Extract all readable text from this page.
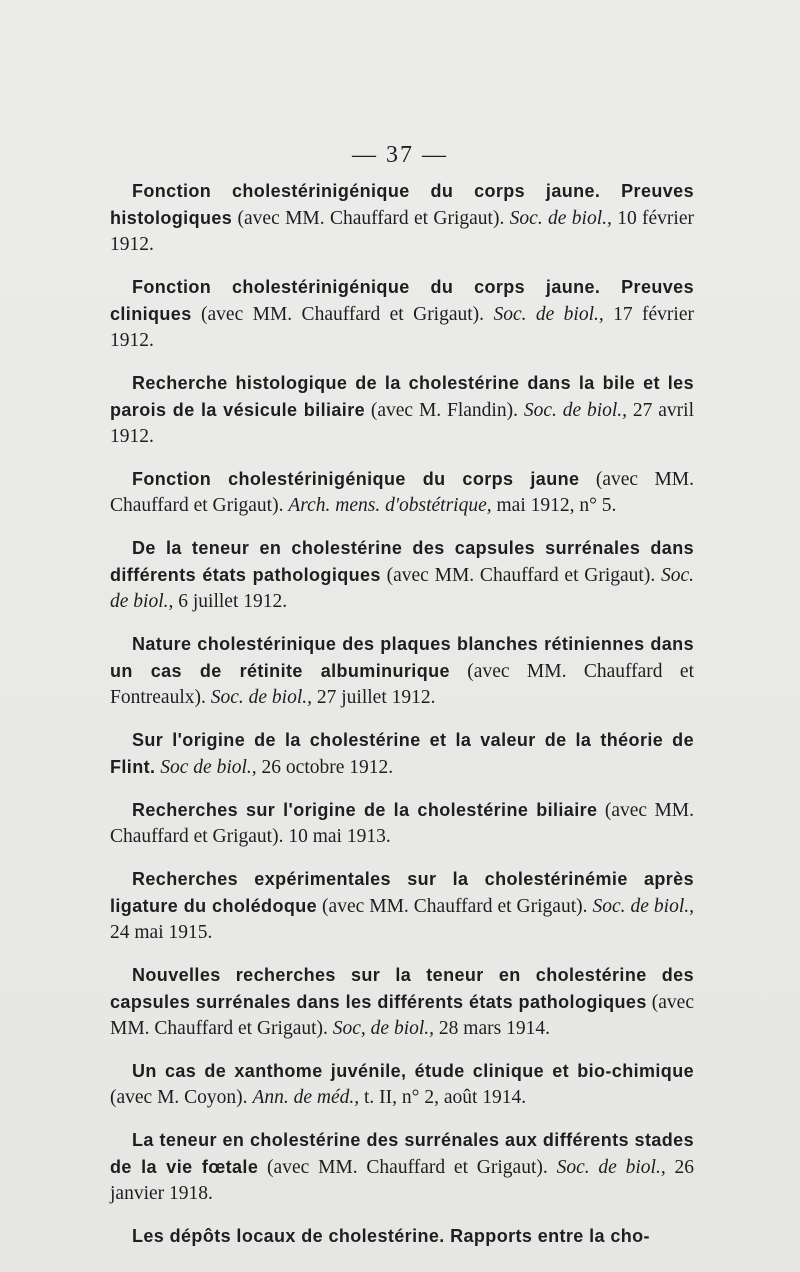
— 37 —

Fonction cholestérinigénique du corps jaune. Preuves histologiques (avec MM. Chauffard et Grigaut). Soc. de biol., 10 février 1912.

Fonction cholestérinigénique du corps jaune. Preuves cliniques (avec MM. Chauffard et Grigaut). Soc. de biol., 17 février 1912.

Recherche histologique de la cholestérine dans la bile et les parois de la vésicule biliaire (avec M. Flandin). Soc. de biol., 27 avril 1912.

Fonction cholestérinigénique du corps jaune (avec MM. Chauffard et Grigaut). Arch. mens. d'obstétrique, mai 1912, n° 5.

De la teneur en cholestérine des capsules surrénales dans différents états pathologiques (avec MM. Chauffard et Grigaut). Soc. de biol., 6 juillet 1912.

Nature cholestérinique des plaques blanches rétiniennes dans un cas de rétinite albuminurique (avec MM. Chauffard et Fontreaulx). Soc. de biol., 27 juillet 1912.

Sur l'origine de la cholestérine et la valeur de la théorie de Flint. Soc de biol., 26 octobre 1912.

Recherches sur l'origine de la cholestérine biliaire (avec MM. Chauffard et Grigaut). 10 mai 1913.

Recherches expérimentales sur la cholestérinémie après ligature du cholédoque (avec MM. Chauffard et Grigaut). Soc. de biol., 24 mai 1915.

Nouvelles recherches sur la teneur en cholestérine des capsules surrénales dans les différents états pathologiques (avec MM. Chauffard et Grigaut). Soc, de biol., 28 mars 1914.

Un cas de xanthome juvénile, étude clinique et bio-chimique (avec M. Coyon). Ann. de méd., t. II, n° 2, août 1914.

La teneur en cholestérine des surrénales aux différents stades de la vie fœtale (avec MM. Chauffard et Grigaut). Soc. de biol., 26 janvier 1918.

Les dépôts locaux de cholestérine. Rapports entre la cho-
